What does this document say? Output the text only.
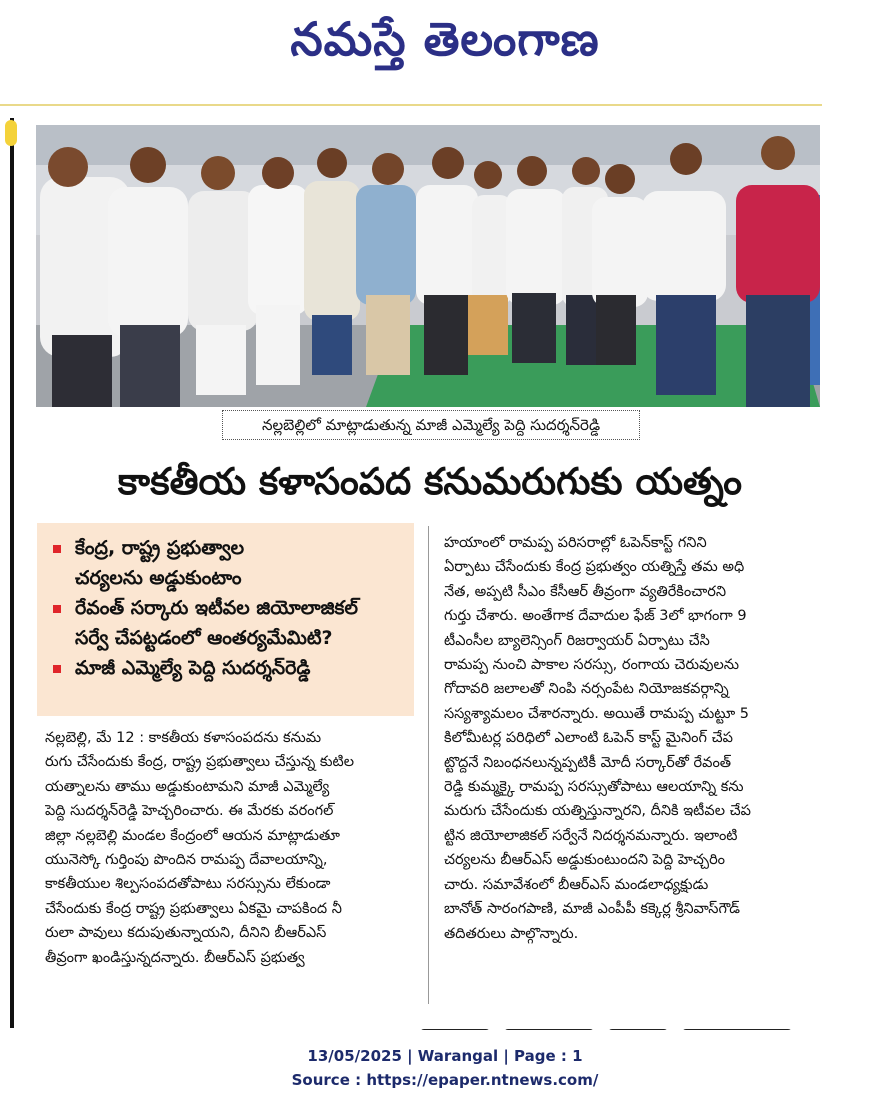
నమస్తే తెలంగాణ
నల్లబెల్లిలో మాట్లాడుతున్న మాజీ ఎమ్మెల్యే పెద్ది సుదర్శన్‌రెడ్డి
కాకతీయ కళాసంపద కనుమరుగుకు యత్నం
కేంద్ర, రాష్ట్ర ప్రభుత్వాల
చర్యలను అడ్డుకుంటాం
రేవంత్ సర్కారు ఇటీవల జియోలాజికల్
సర్వే చేపట్టడంలో ఆంతర్యమేమిటి?
మాజీ ఎమ్మెల్యే పెద్ది సుదర్శన్‌రెడ్డి
నల్లబెల్లి, మే 12 : కాకతీయ కళాసంపదను కనుమ
రుగు చేసేందుకు కేంద్ర, రాష్ట్ర ప్రభుత్వాలు చేస్తున్న కుటిల
యత్నాలను తాము అడ్డుకుంటామని మాజీ ఎమ్మెల్యే
పెద్ది సుదర్శన్‌రెడ్డి హెచ్చరించారు. ఈ మేరకు వరంగల్
జిల్లా నల్లబెల్లి మండల కేంద్రంలో ఆయన మాట్లాడుతూ
యునెస్కో గుర్తింపు పొందిన రామప్ప దేవాలయాన్ని,
కాకతీయుల శిల్పసంపదతోపాటు సరస్సును లేకుండా
చేసేందుకు కేంద్ర రాష్ట్ర ప్రభుత్వాలు ఏకమై చాపకింద నీ
రులా పావులు కదుపుతున్నాయని, దీనిని బీఆర్‌ఎస్
తీవ్రంగా ఖండిస్తున్నదన్నారు. బీఆర్‌ఎస్ ప్రభుత్వ
హయాంలో రామప్ప పరిసరాల్లో ఓపెన్‌కాస్ట్ గనిని
ఏర్పాటు చేసేందుకు కేంద్ర ప్రభుత్వం యత్నిస్తే తమ అధి
నేత, అప్పటి సీఎం కేసీఆర్ తీవ్రంగా వ్యతిరేకించారని
గుర్తు చేశారు. అంతేగాక దేవాదుల ఫేజ్ 3లో భాగంగా 9
టీఎంసీల బ్యాలెన్సింగ్ రిజర్వాయర్ ఏర్పాటు చేసి
రామప్ప నుంచి పాకాల సరస్సు, రంగాయ చెరువులను
గోదావరి జలాలతో నింపి నర్సంపేట నియోజకవర్గాన్ని
సస్యశ్యామలం చేశారన్నారు. అయితే రామప్ప చుట్టూ 5
కిలోమీటర్ల పరిధిలో ఎలాంటి ఓపెన్ కాస్ట్ మైనింగ్ చేప
ట్టొద్దనే నిబంధనలున్నప్పటికీ మోదీ సర్కార్‌తో రేవంత్
రెడ్డి కుమ్మక్కై రామప్ప సరస్సుతోపాటు ఆలయాన్ని కను
మరుగు చేసేందుకు యత్నిస్తున్నారని, దీనికి ఇటీవల చేప
ట్టిన జియోలాజికల్ సర్వేనే నిదర్శనమన్నారు. ఇలాంటి
చర్యలను బీఆర్‌ఎస్ అడ్డుకుంటుందని పెద్ది హెచ్చరిం
చారు. సమావేశంలో బీఆర్‌ఎస్ మండలాధ్యక్షుడు
బానోత్ సారంగపాణి, మాజీ ఎంపీపీ కక్కెర్ల శ్రీనివాస్‌గౌడ్
తదితరులు పాల్గొన్నారు.
13/05/2025 | Warangal | Page : 1
Source : https://epaper.ntnews.com/
